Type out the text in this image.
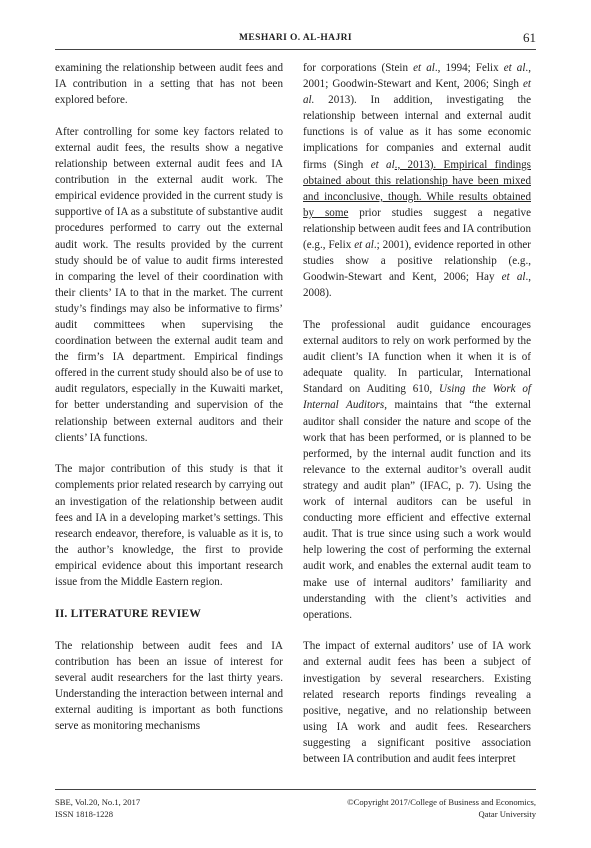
MESHARI O. AL-HAJRI	61

examining the relationship between audit fees and IA contribution in a setting that has not been explored before.

After controlling for some key factors related to external audit fees, the results show a negative relationship between external audit fees and IA contribution in the external audit work. The empirical evidence provided in the current study is supportive of IA as a substitute of substantive audit procedures performed to carry out the external audit work. The results provided by the current study should be of value to audit firms interested in comparing the level of their coordination with their clients’ IA to that in the market. The current study’s findings may also be informative to firms’ audit committees when supervising the coordination between the external audit team and the firm’s IA department. Empirical findings offered in the current study should also be of use to audit regulators, especially in the Kuwaiti market, for better understanding and supervision of the relationship between external auditors and their clients’ IA functions.

The major contribution of this study is that it complements prior related research by carrying out an investigation of the relationship between audit fees and IA in a developing market’s settings. This research endeavor, therefore, is valuable as it is, to the author’s knowledge, the first to provide empirical evidence about this important research issue from the Middle Eastern region.

II. LITERATURE REVIEW

The relationship between audit fees and IA contribution has been an issue of interest for several audit researchers for the last thirty years. Understanding the interaction between internal and external auditing is important as both functions serve as monitoring mechanisms

for corporations (Stein et al., 1994; Felix et al., 2001; Goodwin-Stewart and Kent, 2006; Singh et al. 2013). In addition, investigating the relationship between internal and external audit functions is of value as it has some economic implications for companies and external audit firms (Singh et al., 2013). Empirical findings obtained about this relationship have been mixed and inconclusive, though. While results obtained by some prior studies suggest a negative relationship between audit fees and IA contribution (e.g., Felix et al.; 2001), evidence reported in other studies show a positive relationship (e.g., Goodwin-Stewart and Kent, 2006; Hay et al., 2008).

The professional audit guidance encourages external auditors to rely on work performed by the audit client’s IA function when it when it is of adequate quality. In particular, International Standard on Auditing 610, Using the Work of Internal Auditors, maintains that “the external auditor shall consider the nature and scope of the work that has been performed, or is planned to be performed, by the internal audit function and its relevance to the external auditor’s overall audit strategy and audit plan” (IFAC, p. 7). Using the work of internal auditors can be useful in conducting more efficient and effective external audit. That is true since using such a work would help lowering the cost of performing the external audit work, and enables the external audit team to make use of internal auditors’ familiarity and understanding with the client’s activities and operations.

The impact of external auditors’ use of IA work and external audit fees has been a subject of investigation by several researchers. Existing related research reports findings revealing a positive, negative, and no relationship between using IA work and audit fees. Researchers suggesting a significant positive association between IA contribution and audit fees interpret

SBE, Vol.20, No.1, 2017
ISSN 1818-1228
©Copyright 2017/College of Business and Economics,
Qatar University
